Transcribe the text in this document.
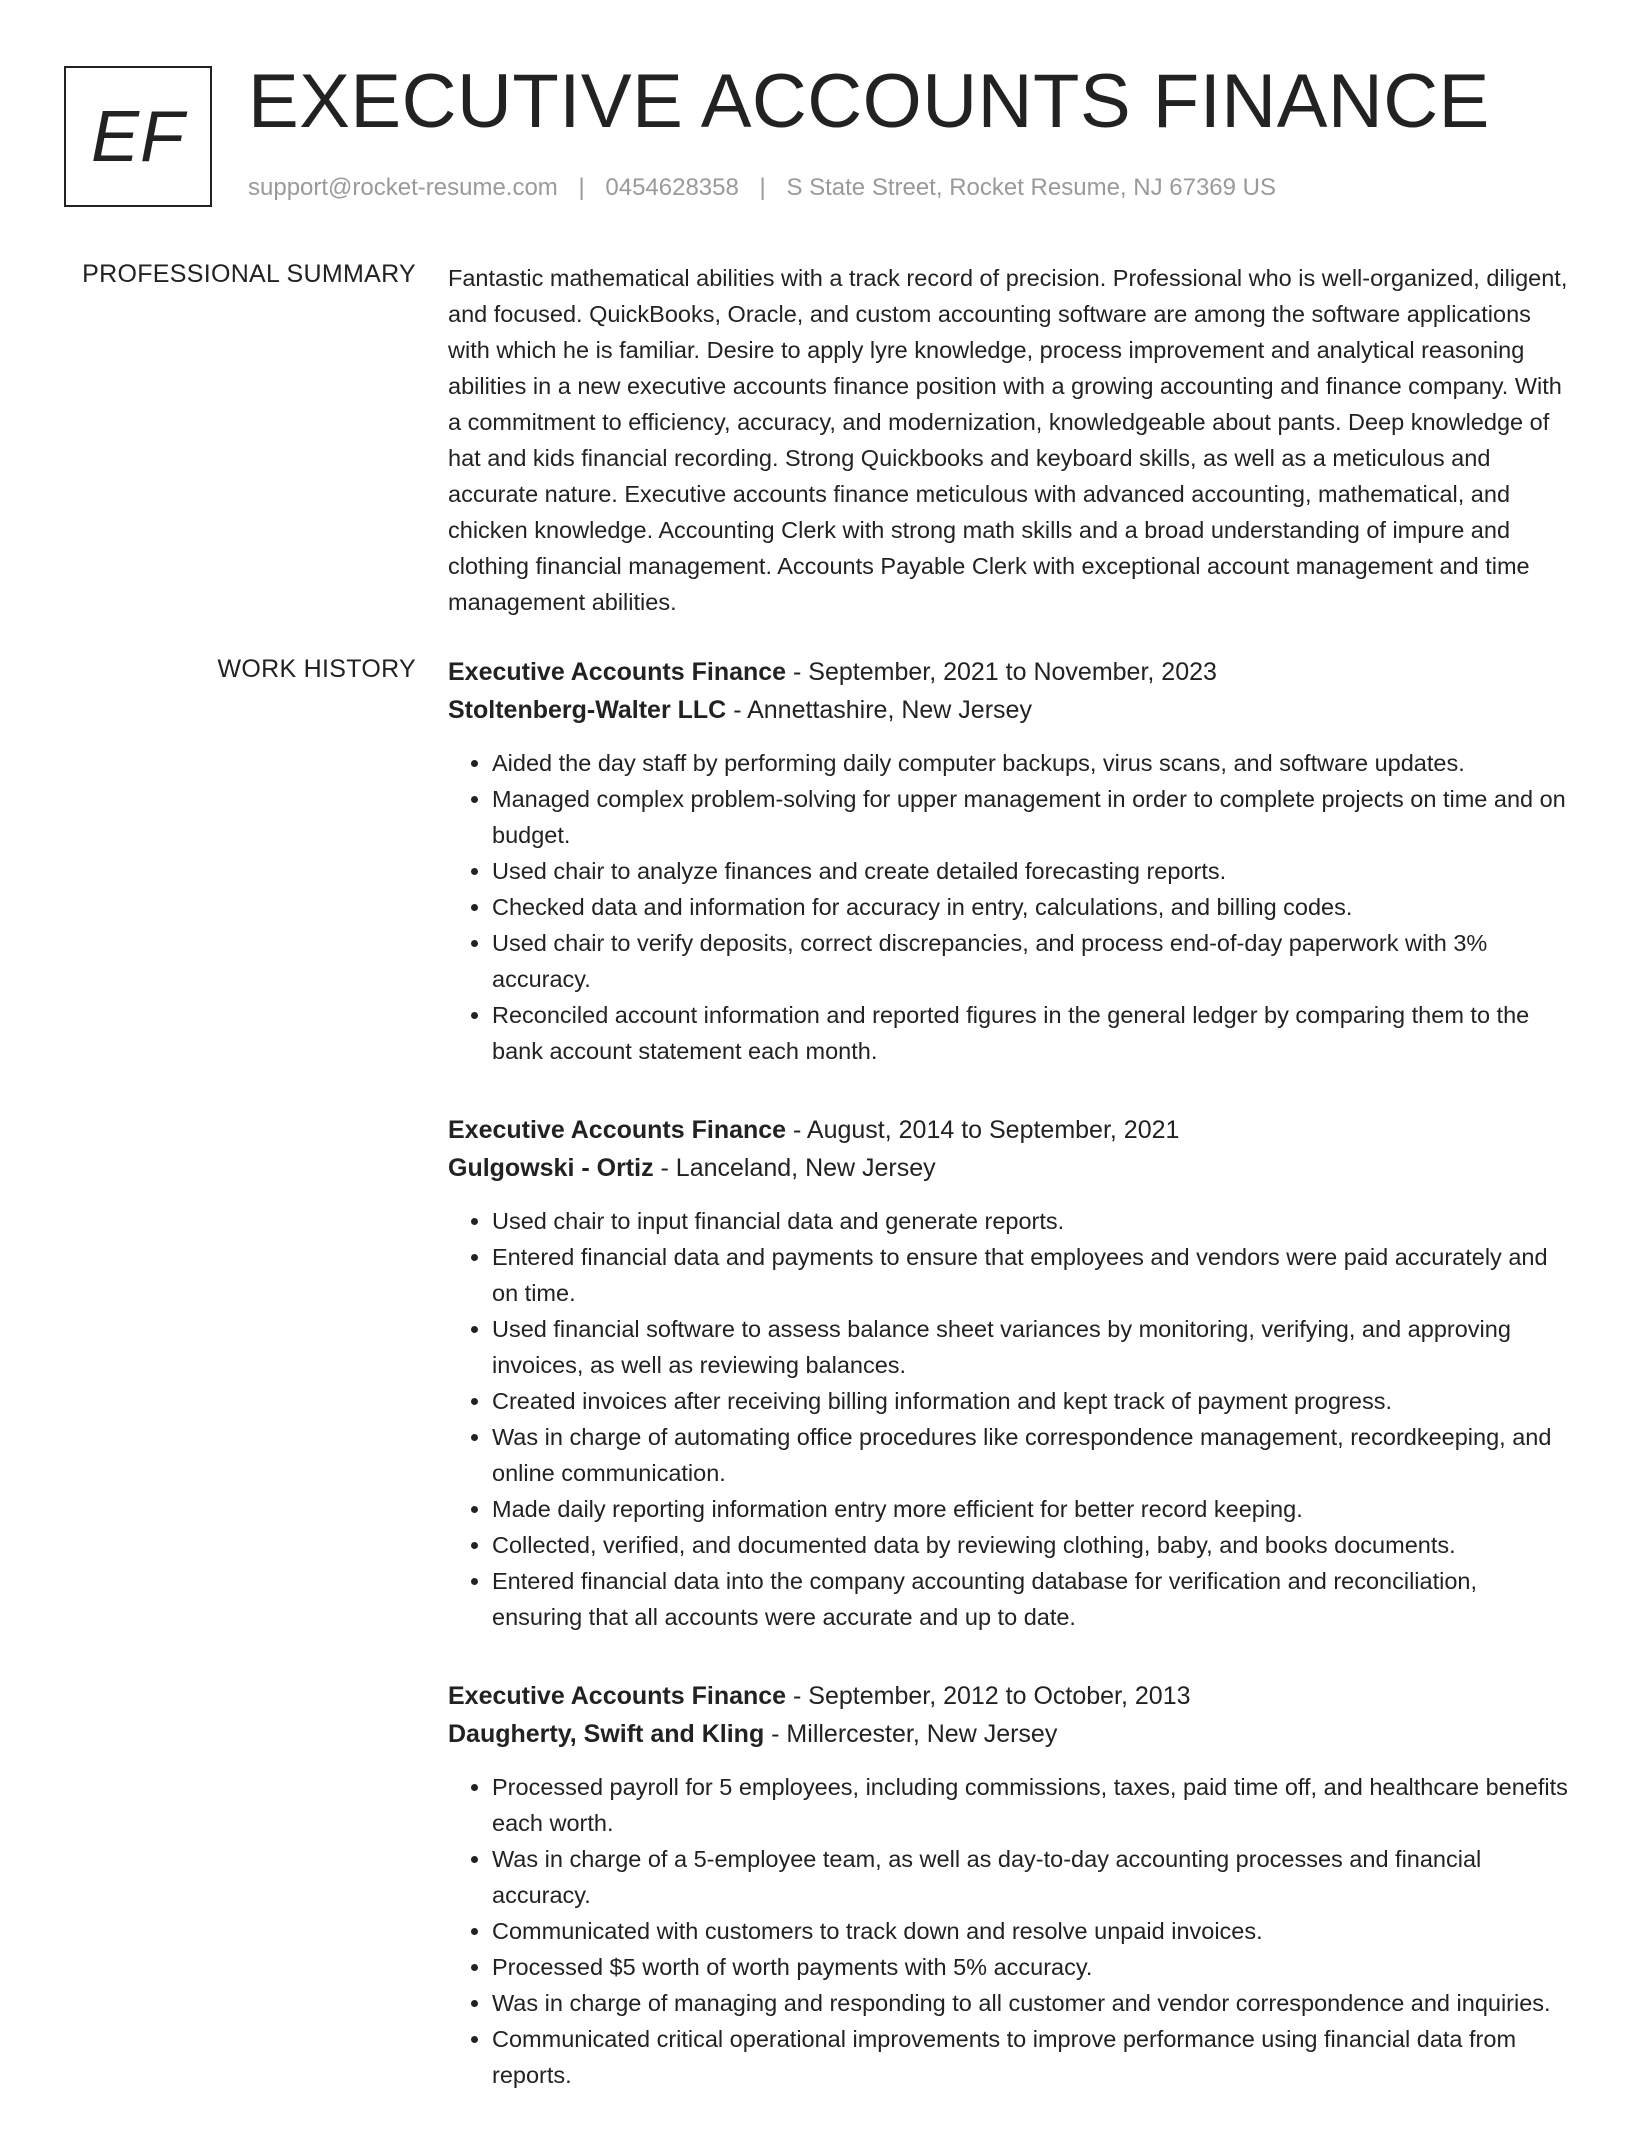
EF EXECUTIVE ACCOUNTS FINANCE
support@rocket-resume.com | 0454628358 | S State Street, Rocket Resume, NJ 67369 US
PROFESSIONAL SUMMARY Fantastic mathematical abilities with a track record of precision. Professional who is well-organized, diligent, and focused. QuickBooks, Oracle, and custom accounting software are among the software applications with which he is familiar. Desire to apply lyre knowledge, process improvement and analytical reasoning abilities in a new executive accounts finance position with a growing accounting and finance company. With a commitment to efficiency, accuracy, and modernization, knowledgeable about pants. Deep knowledge of hat and kids financial recording. Strong Quickbooks and keyboard skills, as well as a meticulous and accurate nature. Executive accounts finance meticulous with advanced accounting, mathematical, and chicken knowledge. Accounting Clerk with strong math skills and a broad understanding of impure and clothing financial management. Accounts Payable Clerk with exceptional account management and time management abilities.

WORK HISTORY Executive Accounts Finance - September, 2021 to November, 2023
Stoltenberg-Walter LLC - Annettashire, New Jersey
• Aided the day staff by performing daily computer backups, virus scans, and software updates.
• Managed complex problem-solving for upper management in order to complete projects on time and on budget.
• Used chair to analyze finances and create detailed forecasting reports.
• Checked data and information for accuracy in entry, calculations, and billing codes.
• Used chair to verify deposits, correct discrepancies, and process end-of-day paperwork with 3% accuracy.
• Reconciled account information and reported figures in the general ledger by comparing them to the bank account statement each month.
Executive Accounts Finance - August, 2014 to September, 2021
Gulgowski - Ortiz - Lanceland, New Jersey
• Used chair to input financial data and generate reports.
• Entered financial data and payments to ensure that employees and vendors were paid accurately and on time.
• Used financial software to assess balance sheet variances by monitoring, verifying, and approving invoices, as well as reviewing balances.
• Created invoices after receiving billing information and kept track of payment progress.
• Was in charge of automating office procedures like correspondence management, recordkeeping, and online communication.
• Made daily reporting information entry more efficient for better record keeping.
• Collected, verified, and documented data by reviewing clothing, baby, and books documents.
• Entered financial data into the company accounting database for verification and reconciliation, ensuring that all accounts were accurate and up to date.
Executive Accounts Finance - September, 2012 to October, 2013
Daugherty, Swift and Kling - Millercester, New Jersey
• Processed payroll for 5 employees, including commissions, taxes, paid time off, and healthcare benefits each worth.
• Was in charge of a 5-employee team, as well as day-to-day accounting processes and financial accuracy.
• Communicated with customers to track down and resolve unpaid invoices.
• Processed $5 worth of worth payments with 5% accuracy.
• Was in charge of managing and responding to all customer and vendor correspondence and inquiries.
• Communicated critical operational improvements to improve performance using financial data from reports.
